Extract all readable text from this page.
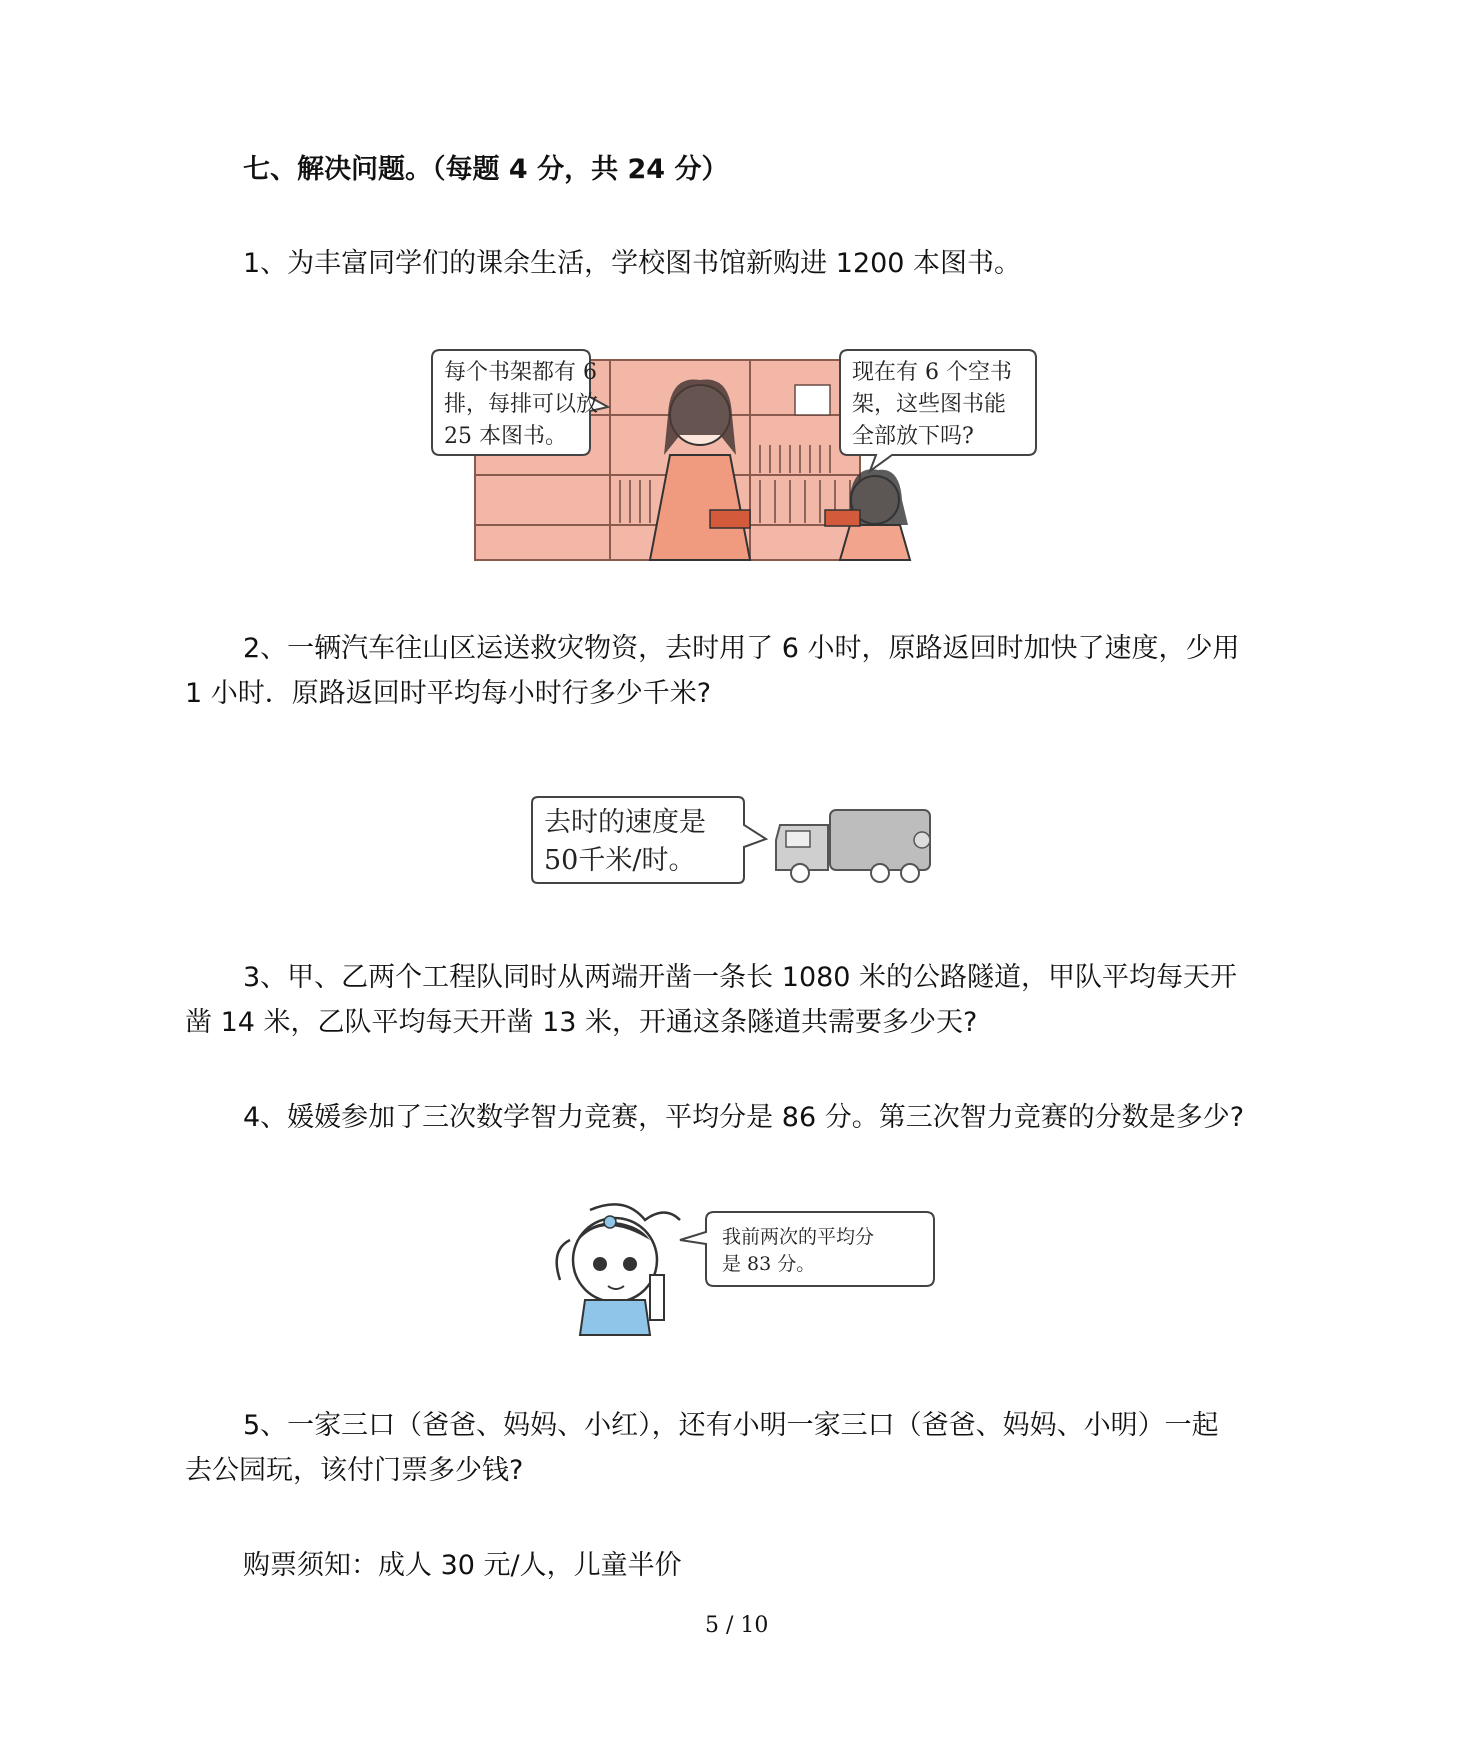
七、解决问题。（每题 4 分，共 24 分）
1、为丰富同学们的课余生活，学校图书馆新购进 1200 本图书。
每个书架都有 6
排，每排可以放
25 本图书。
现在有 6 个空书
架，这些图书能
全部放下吗?
2、一辆汽车往山区运送救灾物资，去时用了 6 小时，原路返回时加快了速度，少用
1 小时．原路返回时平均每小时行多少千米?
去时的速度是
50千米/时。
3、甲、乙两个工程队同时从两端开凿一条长 1080 米的公路隧道，甲队平均每天开
凿 14 米，乙队平均每天开凿 13 米，开通这条隧道共需要多少天?
4、媛媛参加了三次数学智力竞赛，平均分是 86 分。第三次智力竞赛的分数是多少?
我前两次的平均分
是 83 分。
5、一家三口（爸爸、妈妈、小红），还有小明一家三口（爸爸、妈妈、小明）一起
去公园玩，该付门票多少钱?
购票须知：成人 30 元/人，儿童半价
5 / 10
